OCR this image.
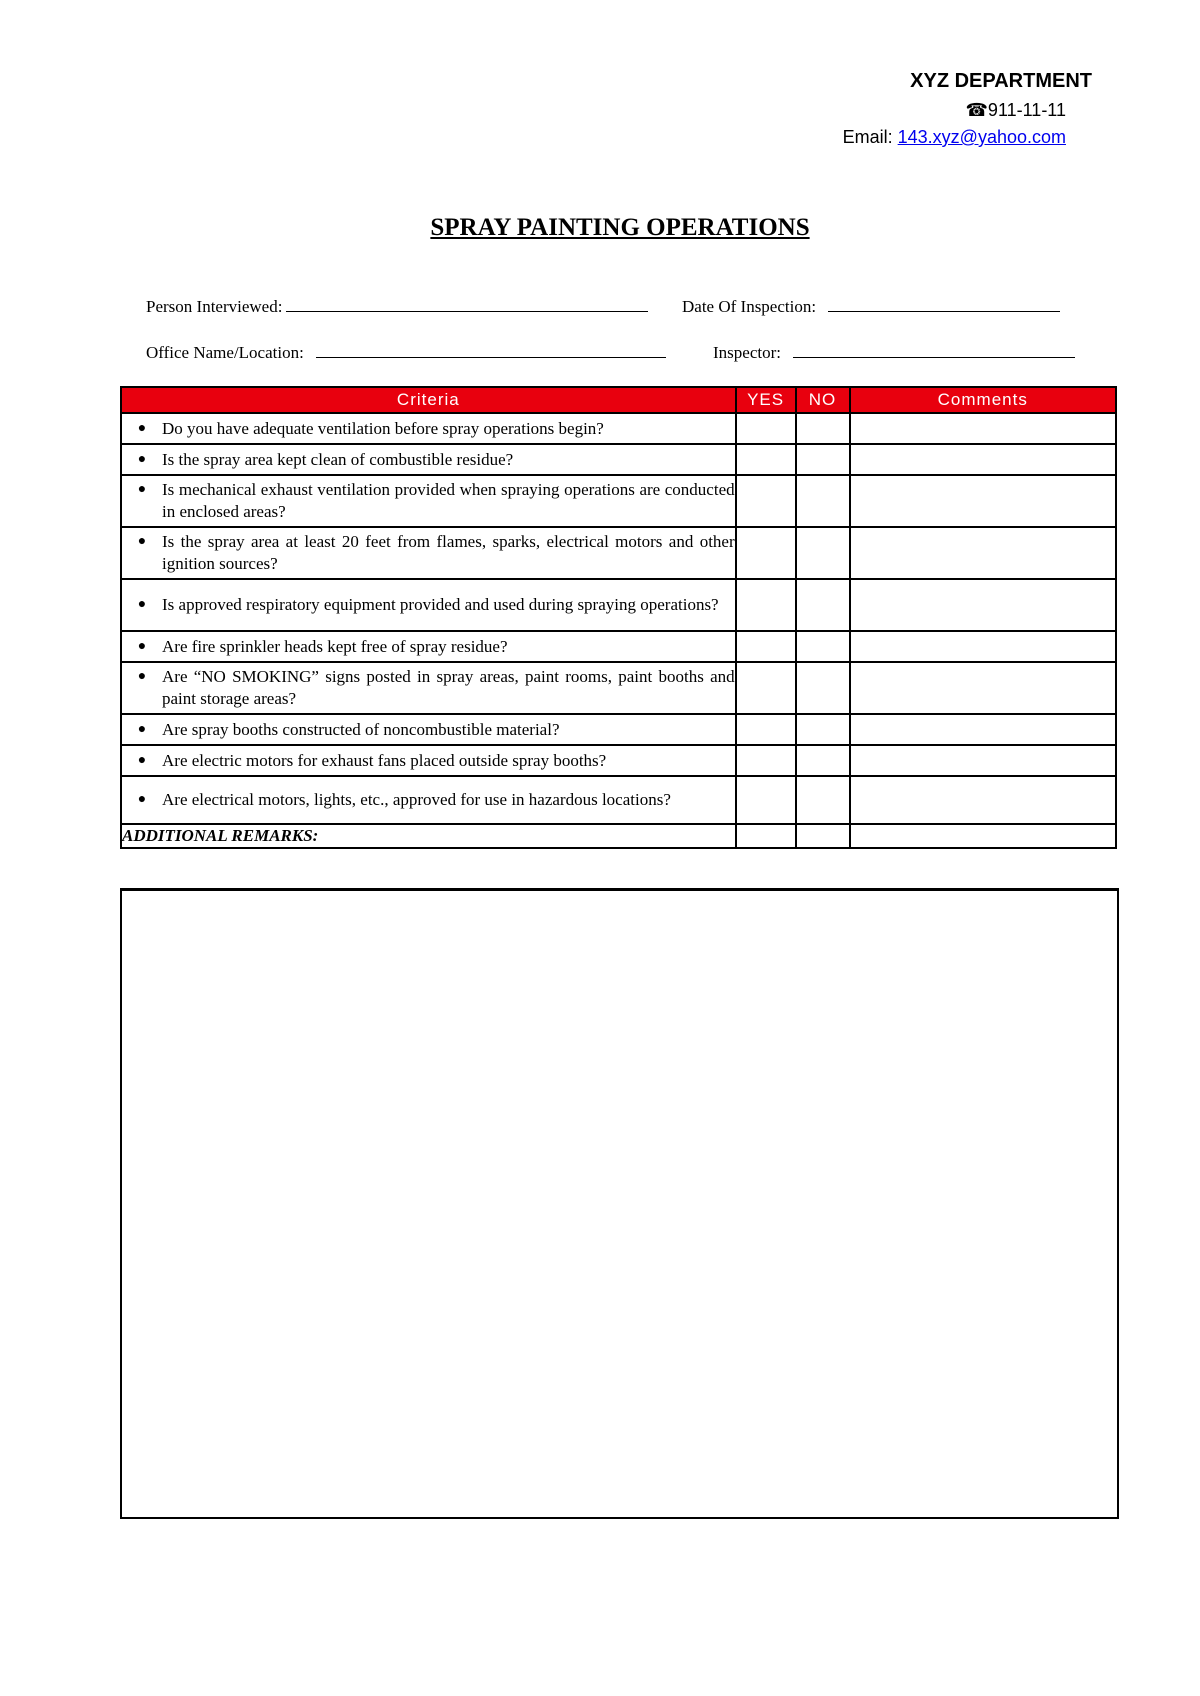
XYZ DEPARTMENT
☎911-11-11
Email: 143.xyz@yahoo.com
SPRAY PAINTING OPERATIONS
Person Interviewed:	Date Of Inspection:
Office Name/Location:	Inspector:
Criteria	YES	NO	Comments

● Do you have adequate ventilation before spray operations begin?			

● Is the spray area kept clean of combustible residue?			

● Is mechanical exhaust ventilation provided when spraying operations are conducted in enclosed areas?			

● Is the spray area at least 20 feet from flames, sparks, electrical motors and other ignition sources?			

● Is approved respiratory equipment provided and used during spraying operations?			

● Are fire sprinkler heads kept free of spray residue?			

● Are “NO SMOKING” signs posted in spray areas, paint rooms, paint booths and paint storage areas?			

● Are spray booths constructed of noncombustible material?			

● Are electric motors for exhaust fans placed outside spray booths?			

● Are electrical motors, lights, etc., approved for use in hazardous locations?			

ADDITIONAL REMARKS:			
